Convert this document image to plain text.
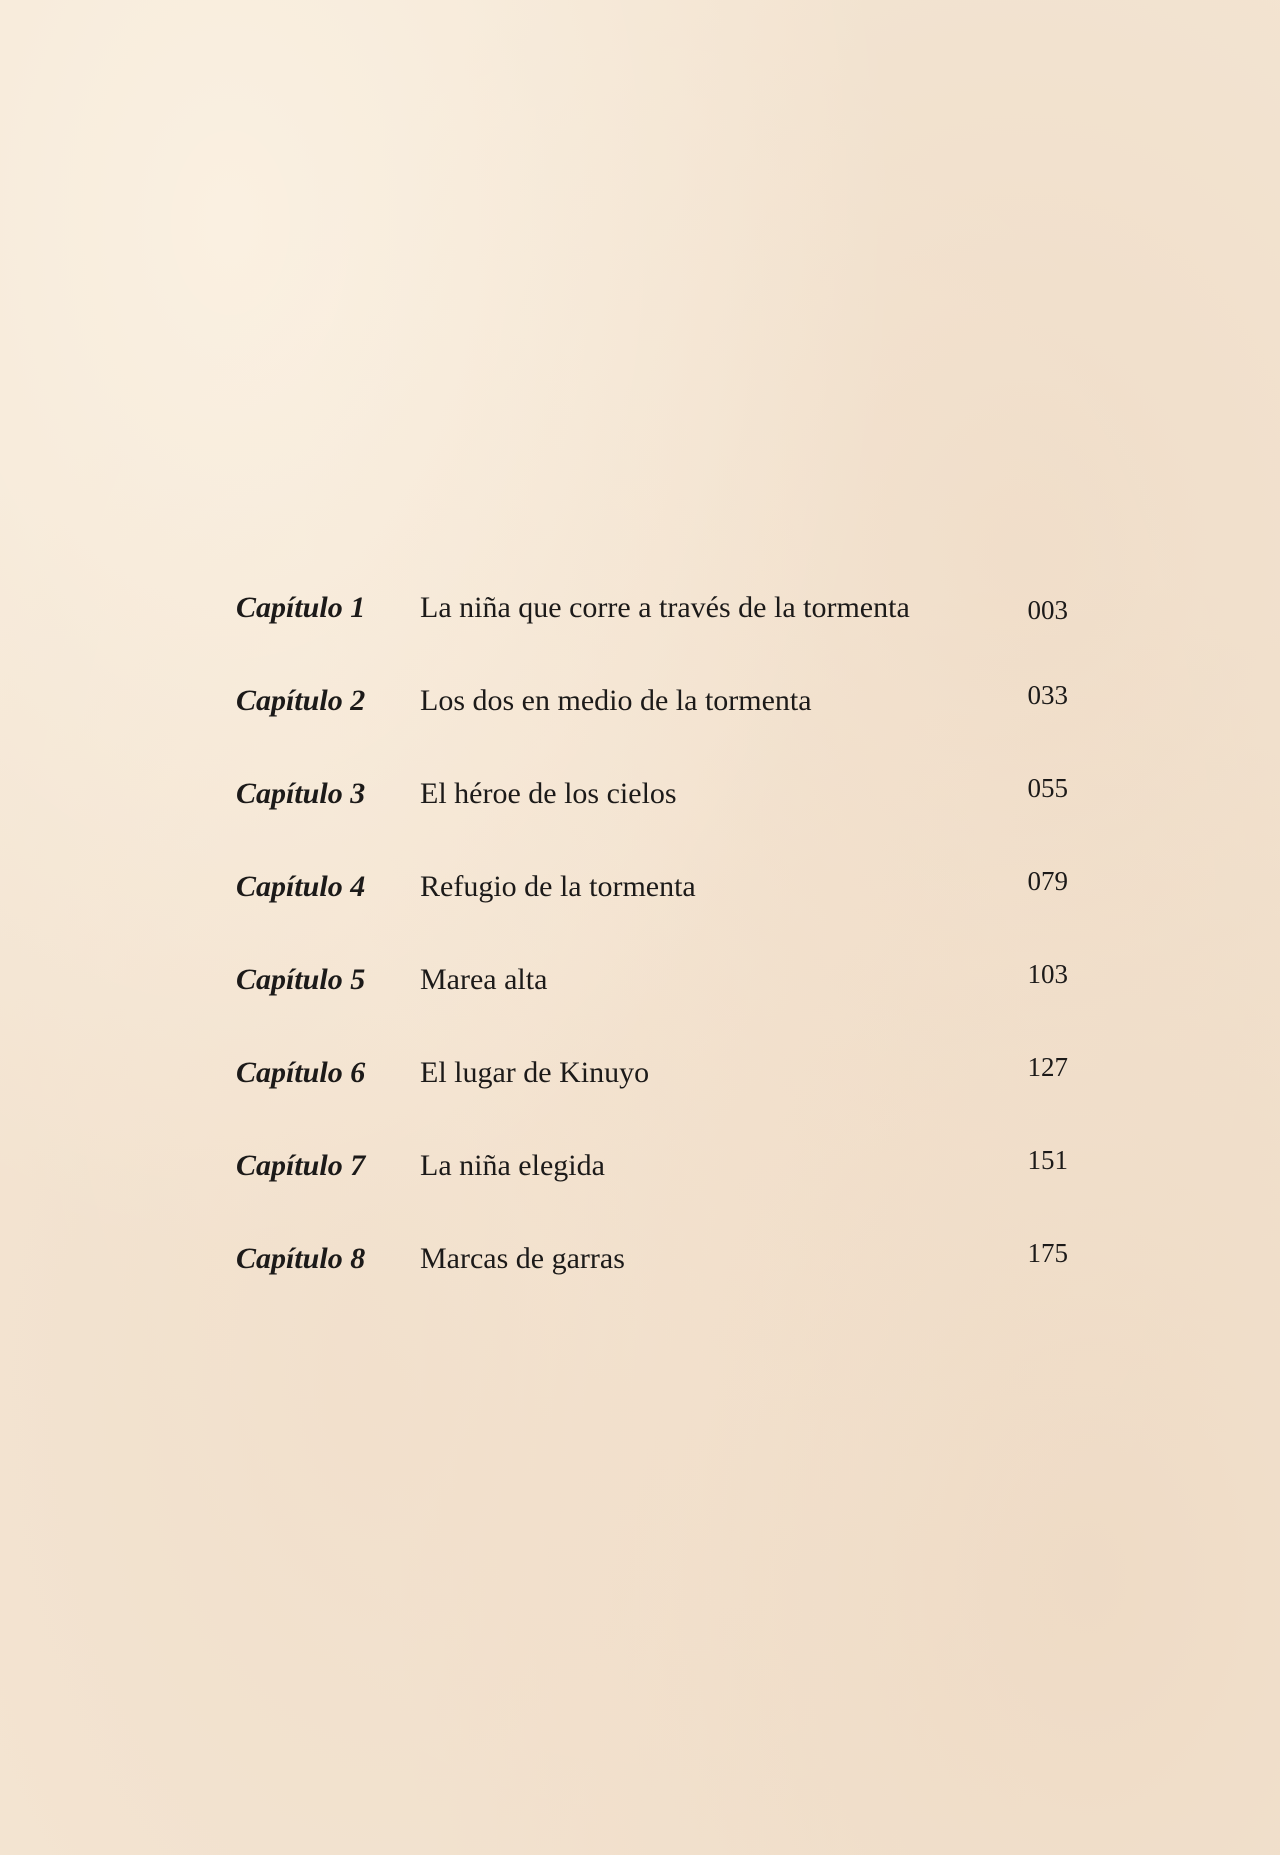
Capítulo 1 La niña que corre a través de la tormenta	003
Capítulo 2 Los dos en medio de la tormenta	033
Capítulo 3 El héroe de los cielos	055
Capítulo 4 Refugio de la tormenta	079
Capítulo 5 Marea alta	103
Capítulo 6 El lugar de Kinuyo	127
Capítulo 7 La niña elegida	151
Capítulo 8 Marcas de garras	175
